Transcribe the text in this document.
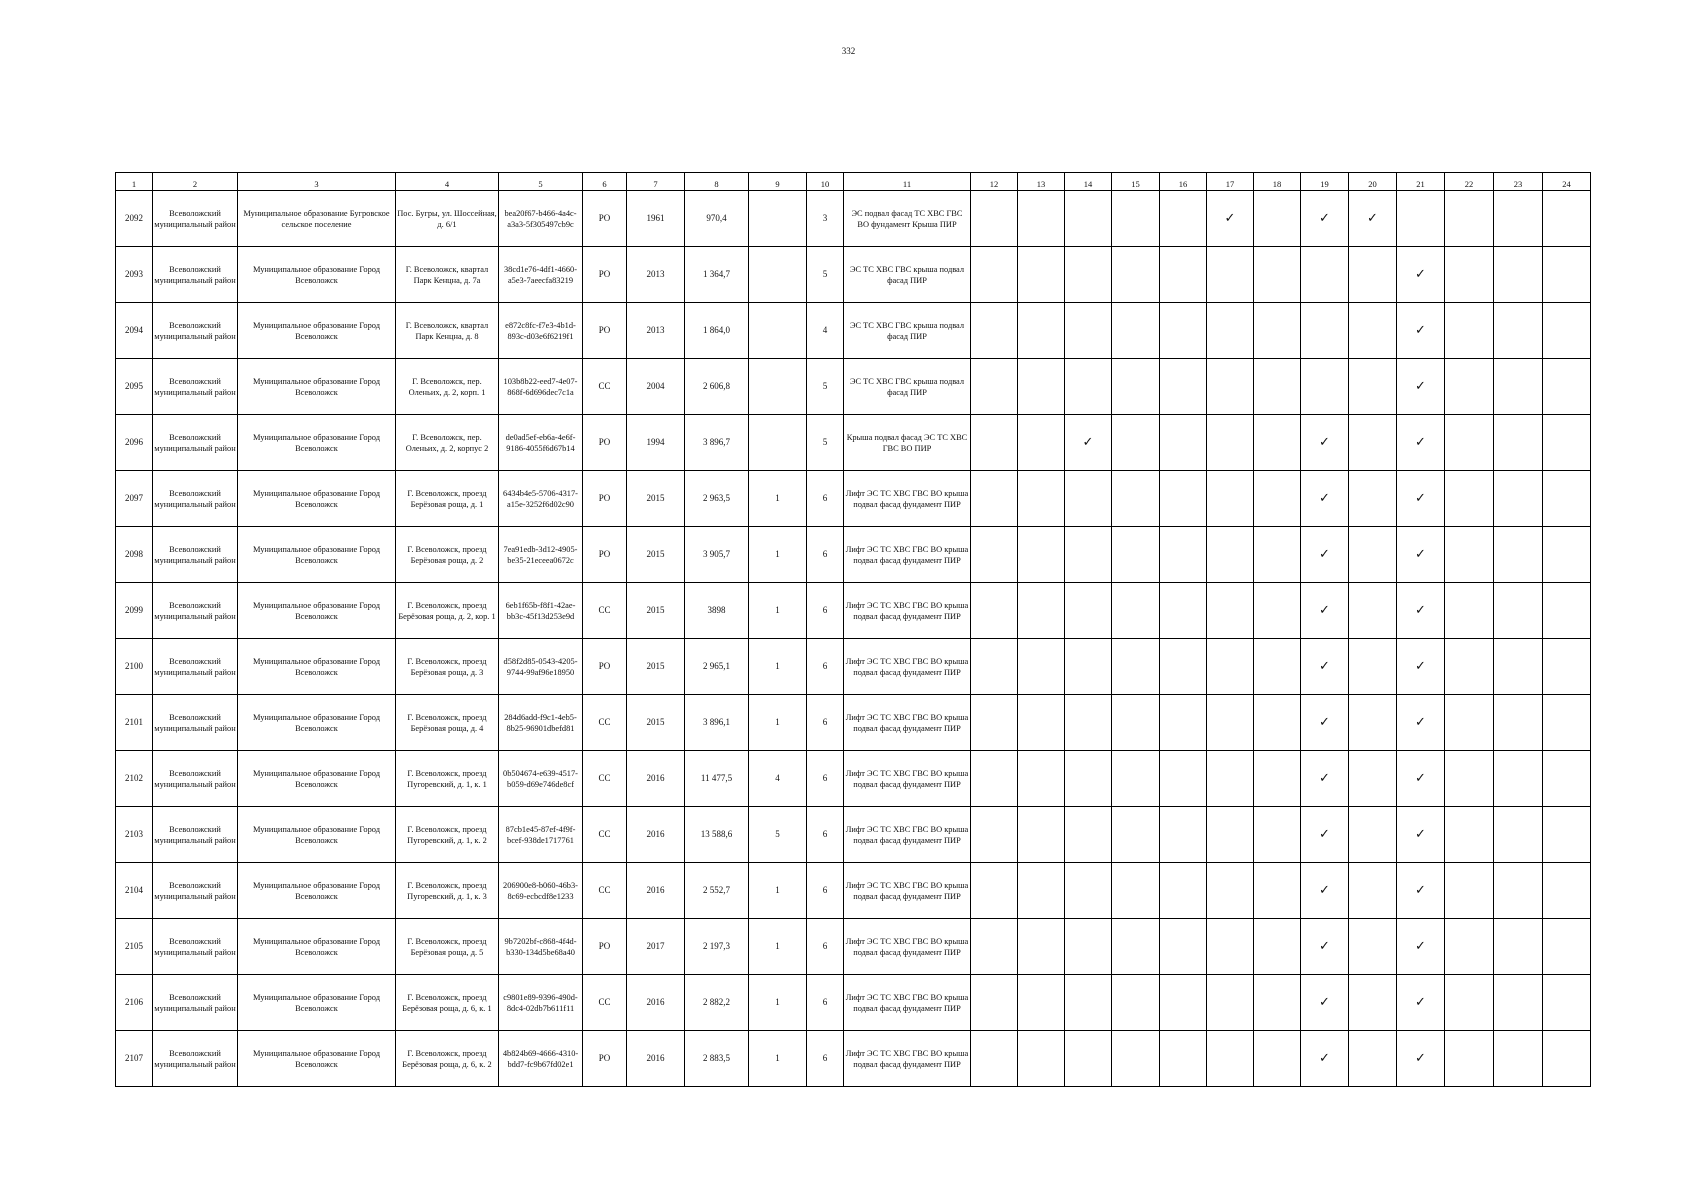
332
1	2	3	4	5	6	7	8	9	10	11	12	13	14	15	16	17	18	19	20	21	22	23	24
2092	Всеволожский муниципальный район	Муниципальное образование Бугровское сельское поселение	Пос. Бугры, ул. Шоссейная, д. 6/1	bea20f67-b466-4a4c-a3a3-5f305497cb9c	РО	1961	970,4		3	ЭС подвал фасад ТС ХВС ГВС ВО фундамент Крыша ПИР						✓		✓	✓				
2093	Всеволожский муниципальный район	Муниципальное образование Город Всеволожск	Г. Всеволожск, квартал Парк Кенцна, д. 7а	38cd1e76-4df1-4660-a5e3-7aeecfa83219	РО	2013	1 364,7		5	ЭС ТС ХВС ГВС крыша подвал фасад ПИР										✓			
2094	Всеволожский муниципальный район	Муниципальное образование Город Всеволожск	Г. Всеволожск, квартал Парк Кенцна, д. 8	e872c8fc-f7e3-4b1d-893c-d03e6f6219f1	РО	2013	1 864,0		4	ЭС ТС ХВС ГВС крыша подвал фасад ПИР										✓			
2095	Всеволожский муниципальный район	Муниципальное образование Город Всеволожск	Г. Всеволожск, пер. Оленьих, д. 2, корп. 1	103b8b22-eed7-4e07-868f-6d696dec7c1a	СС	2004	2 606,8		5	ЭС ТС ХВС ГВС крыша подвал фасад ПИР										✓			
2096	Всеволожский муниципальный район	Муниципальное образование Город Всеволожск	Г. Всеволожск, пер. Оленьих, д. 2, корпус 2	de0ad5ef-eb6a-4e6f-9186-4055f6d67b14	РО	1994	3 896,7		5	Крыша подвал фасад ЭС ТС ХВС ГВС ВО ПИР			✓					✓		✓			
2097	Всеволожский муниципальный район	Муниципальное образование Город Всеволожск	Г. Всеволожск, проезд Берёзовая роща, д. 1	6434b4e5-5706-4317-a15e-3252f6d02c90	РО	2015	2 963,5	1	6	Лифт ЭС ТС ХВС ГВС ВО крыша подвал фасад фундамент ПИР								✓		✓			
2098	Всеволожский муниципальный район	Муниципальное образование Город Всеволожск	Г. Всеволожск, проезд Берёзовая роща, д. 2	7ea91edb-3d12-4905-be35-21eceea0672c	РО	2015	3 905,7	1	6	Лифт ЭС ТС ХВС ГВС ВО крыша подвал фасад фундамент ПИР								✓		✓			
2099	Всеволожский муниципальный район	Муниципальное образование Город Всеволожск	Г. Всеволожск, проезд Берёзовая роща, д. 2, кор. 1	6eb1f65b-f8f1-42ae-bb3c-45f13d253e9d	СС	2015	3898	1	6	Лифт ЭС ТС ХВС ГВС ВО крыша подвал фасад фундамент ПИР								✓		✓			
2100	Всеволожский муниципальный район	Муниципальное образование Город Всеволожск	Г. Всеволожск, проезд Берёзовая роща, д. 3	d58f2d85-0543-4205-9744-99af96e18950	РО	2015	2 965,1	1	6	Лифт ЭС ТС ХВС ГВС ВО крыша подвал фасад фундамент ПИР								✓		✓			
2101	Всеволожский муниципальный район	Муниципальное образование Город Всеволожск	Г. Всеволожск, проезд Берёзовая роща, д. 4	284d6add-f9c1-4eb5-8b25-96901dbefd81	СС	2015	3 896,1	1	6	Лифт ЭС ТС ХВС ГВС ВО крыша подвал фасад фундамент ПИР								✓		✓			
2102	Всеволожский муниципальный район	Муниципальное образование Город Всеволожск	Г. Всеволожск, проезд Пугоревский, д. 1, к. 1	0b504674-e639-4517-b059-d69e746de8cf	СС	2016	11 477,5	4	6	Лифт ЭС ТС ХВС ГВС ВО крыша подвал фасад фундамент ПИР								✓		✓			
2103	Всеволожский муниципальный район	Муниципальное образование Город Всеволожск	Г. Всеволожск, проезд Пугоревский, д. 1, к. 2	87cb1e45-87ef-4f9f-bcef-938de1717761	СС	2016	13 588,6	5	6	Лифт ЭС ТС ХВС ГВС ВО крыша подвал фасад фундамент ПИР								✓		✓			
2104	Всеволожский муниципальный район	Муниципальное образование Город Всеволожск	Г. Всеволожск, проезд Пугоревский, д. 1, к. 3	206900e8-b060-46b3-8c69-ecbcdf8e1233	СС	2016	2 552,7	1	6	Лифт ЭС ТС ХВС ГВС ВО крыша подвал фасад фундамент ПИР								✓		✓			
2105	Всеволожский муниципальный район	Муниципальное образование Город Всеволожск	Г. Всеволожск, проезд Берёзовая роща, д. 5	9b7202bf-c868-4f4d-b330-134d5be68a40	РО	2017	2 197,3	1	6	Лифт ЭС ТС ХВС ГВС ВО крыша подвал фасад фундамент ПИР								✓		✓			
2106	Всеволожский муниципальный район	Муниципальное образование Город Всеволожск	Г. Всеволожск, проезд Берёзовая роща, д. 6, к. 1	c9801e89-9396-490d-8dc4-02db7b611f11	СС	2016	2 882,2	1	6	Лифт ЭС ТС ХВС ГВС ВО крыша подвал фасад фундамент ПИР								✓		✓			
2107	Всеволожский муниципальный район	Муниципальное образование Город Всеволожск	Г. Всеволожск, проезд Берёзовая роща, д. 6, к. 2	4b824b69-4666-4310-bdd7-fc9b67fd02e1	РО	2016	2 883,5	1	6	Лифт ЭС ТС ХВС ГВС ВО крыша подвал фасад фундамент ПИР								✓		✓			
